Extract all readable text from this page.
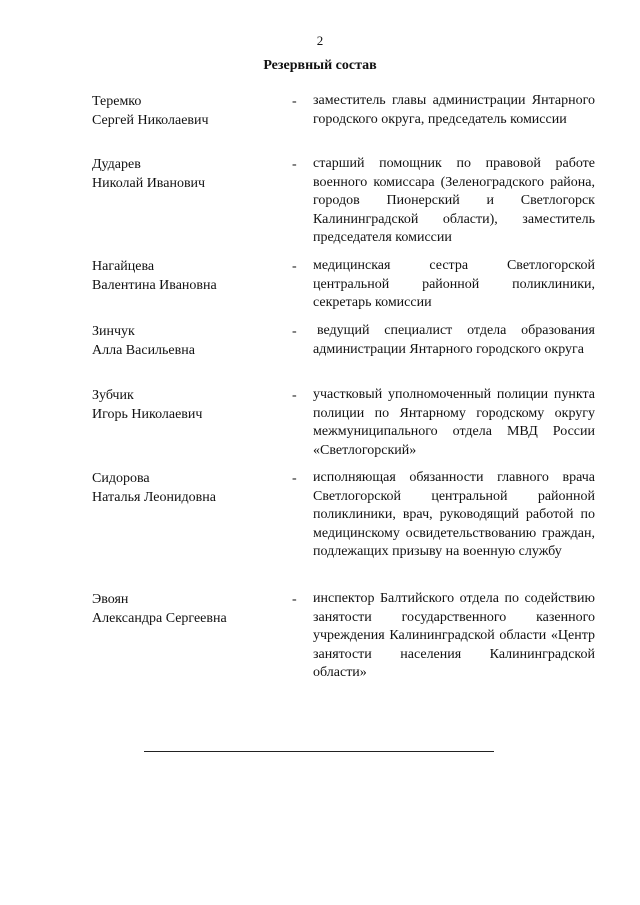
2
Резервный состав
Теремко
Сергей Николаевич
- заместитель главы администрации Янтарного городского округа, председатель комиссии
Дударев
Николай Иванович
- старший помощник по правовой работе военного комиссара (Зеленоградского района, городов Пионерский и Светлогорск Калининградской области), заместитель председателя комиссии
Нагайцева
Валентина Ивановна
- медицинская сестра Светлогорской центральной районной поликлиники, секретарь комиссии
Зинчук
Алла Васильевна
- ведущий специалист отдела образования администрации Янтарного городского округа
Зубчик
Игорь Николаевич
- участковый уполномоченный полиции пункта полиции по Янтарному городскому округу межмуниципального отдела МВД России «Светлогорский»
Сидорова
Наталья Леонидовна
- исполняющая обязанности главного врача Светлогорской центральной районной поликлиники, врач, руководящий работой по медицинскому освидетельствованию граждан, подлежащих призыву на военную службу
Эвоян
Александра Сергеевна
- инспектор Балтийского отдела по содействию занятости государственного казенного учреждения Калининградской области «Центр занятости населения Калининградской области»
